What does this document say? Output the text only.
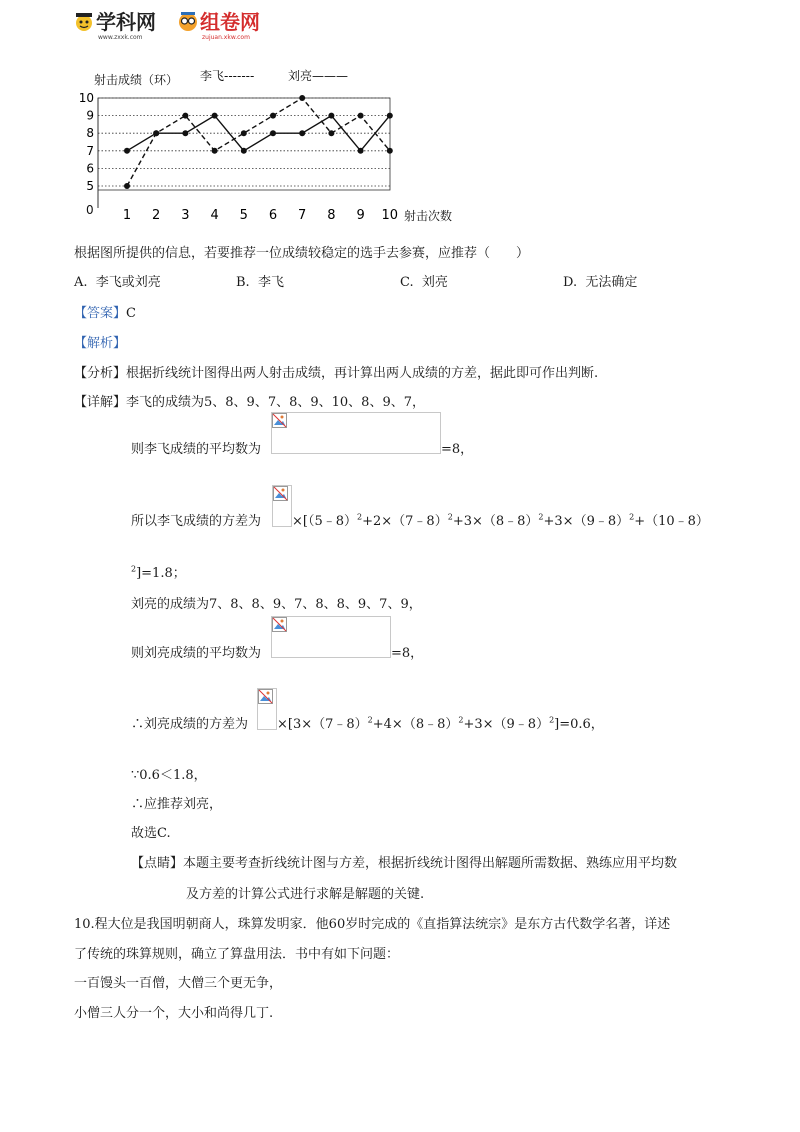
学科网
www.zxxk.com
组卷网
zujuan.xkw.com
5
6
7
8
9
10
1 2 3 4 5 6 7 8 9 10
射击成绩（环） 李飞-------	刘亮———
射击次数
0
根据图所提供的信息，若要推荐一位成绩较稳定的选手去参赛，应推荐（　　）
A. 李飞或刘亮	B. 李飞	C. 刘亮	D. 无法确定
【答案】C
【解析】
【分析】根据折线统计图得出两人射击成绩，再计算出两人成绩的方差，据此即可作出判断.
【详解】李飞的成绩为5、8、9、7、8、9、10、8、9、7，
则李飞成绩的平均数为	=8，
所以李飞成绩的方差为 ×[（5﹣8）$^2$+2×（7﹣8）$^2$+3×（8﹣8）$^2$+3×（9﹣8）$^2$+（10﹣8）
$^2$]=1.8；
刘亮的成绩为7、8、8、9、7、8、8、9、7、9，
则刘亮成绩的平均数为	=8，
∴刘亮成绩的方差为 ×[3×（7﹣8）$^2$+4×（8﹣8）$^2$+3×（9﹣8）$^2$]=0.6，
∵0.6＜1.8，
∴应推荐刘亮，
故选C.
【点睛】本题主要考查折线统计图与方差，根据折线统计图得出解题所需数据、熟练应用平均数
及方差的计算公式进行求解是解题的关键.
10.程大位是我国明朝商人，珠算发明家．他60岁时完成的《直指算法统宗》是东方古代数学名著，详述
了传统的珠算规则，确立了算盘用法．书中有如下问题：
一百馒头一百僧，大僧三个更无争，
小僧三人分一个，大小和尚得几丁.
